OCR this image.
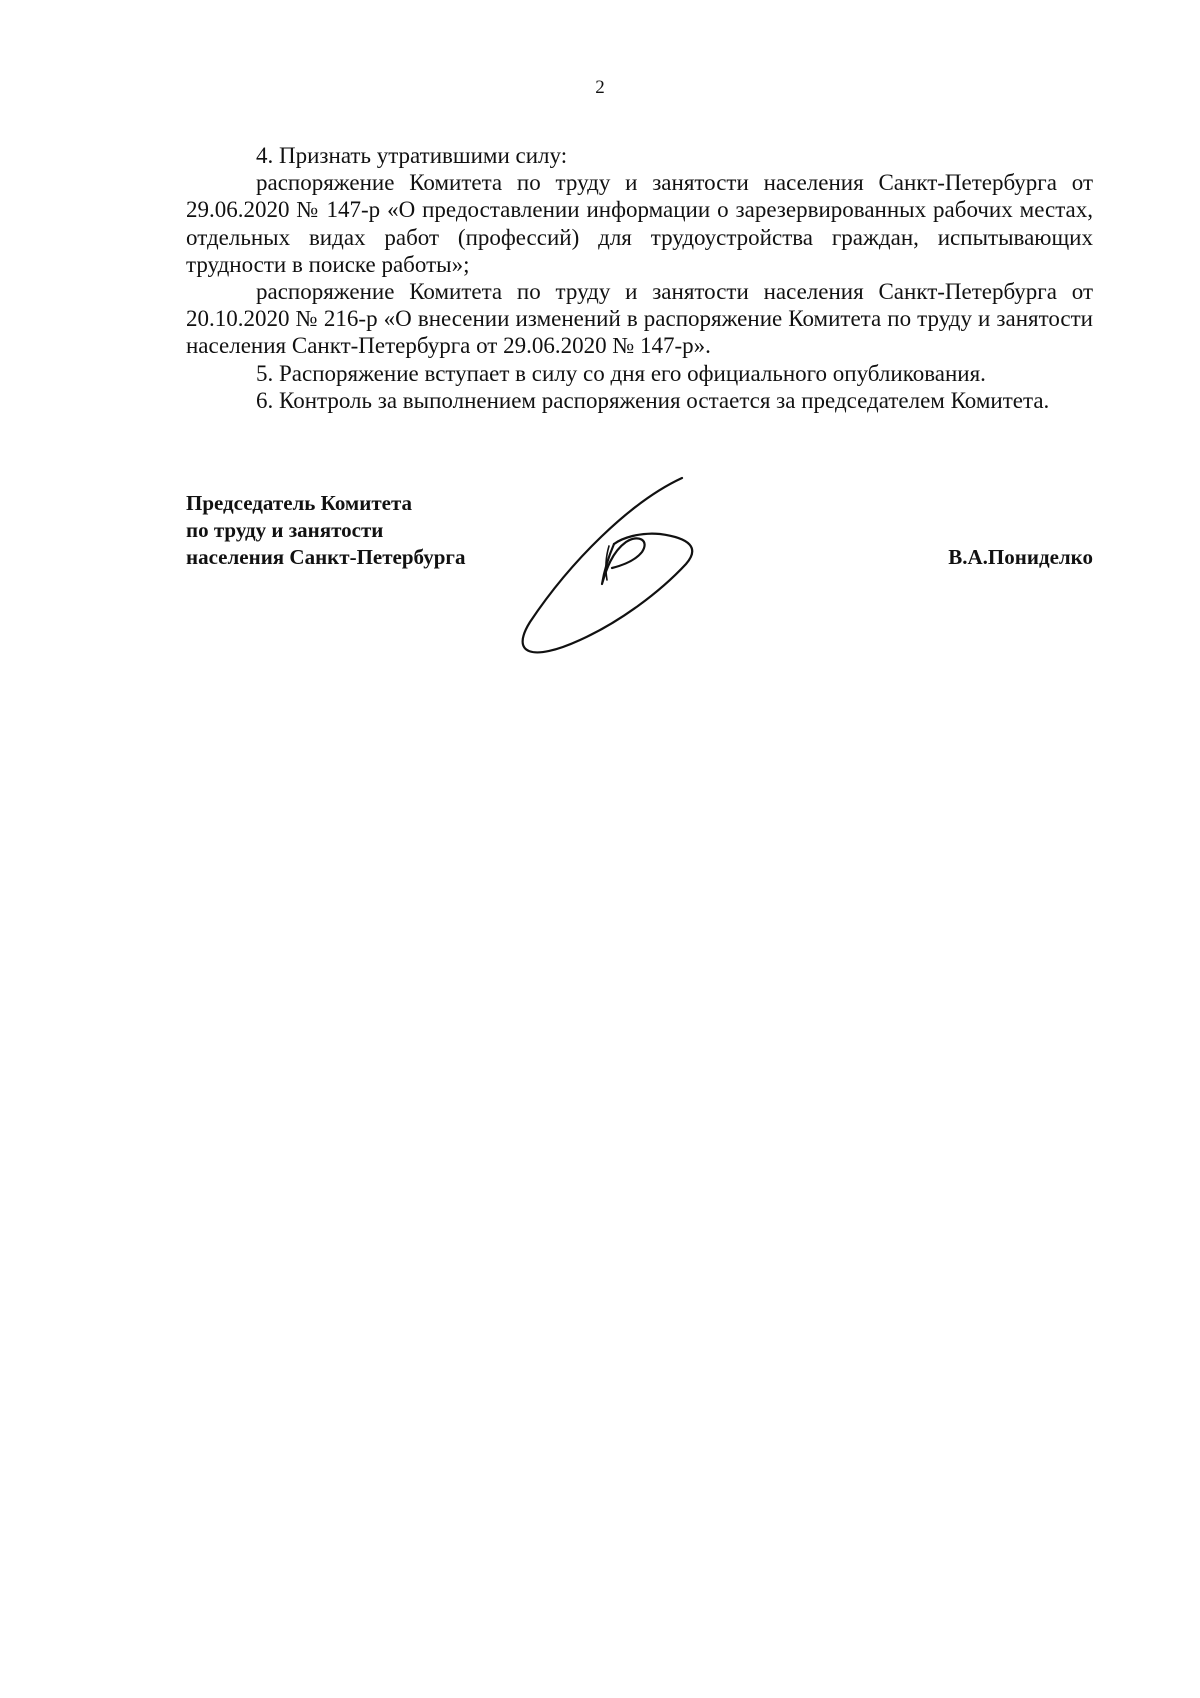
2

4. Признать утратившими силу:

распоряжение Комитета по труду и занятости населения Санкт-Петербурга от 29.06.2020 № 147-р «О предоставлении информации о зарезервированных рабочих местах, отдельных видах работ (профессий) для трудоустройства граждан, испытывающих трудности в поиске работы»;

распоряжение Комитета по труду и занятости населения Санкт-Петербурга от 20.10.2020 № 216-р «О внесении изменений в распоряжение Комитета по труду и занятости населения Санкт-Петербурга от 29.06.2020 № 147-р».

5. Распоряжение вступает в силу со дня его официального опубликования.

6. Контроль за выполнением распоряжения остается за председателем Комитета.

Председатель Комитета
по труду и занятости
населения Санкт-Петербурга	В.А.Пониделко
